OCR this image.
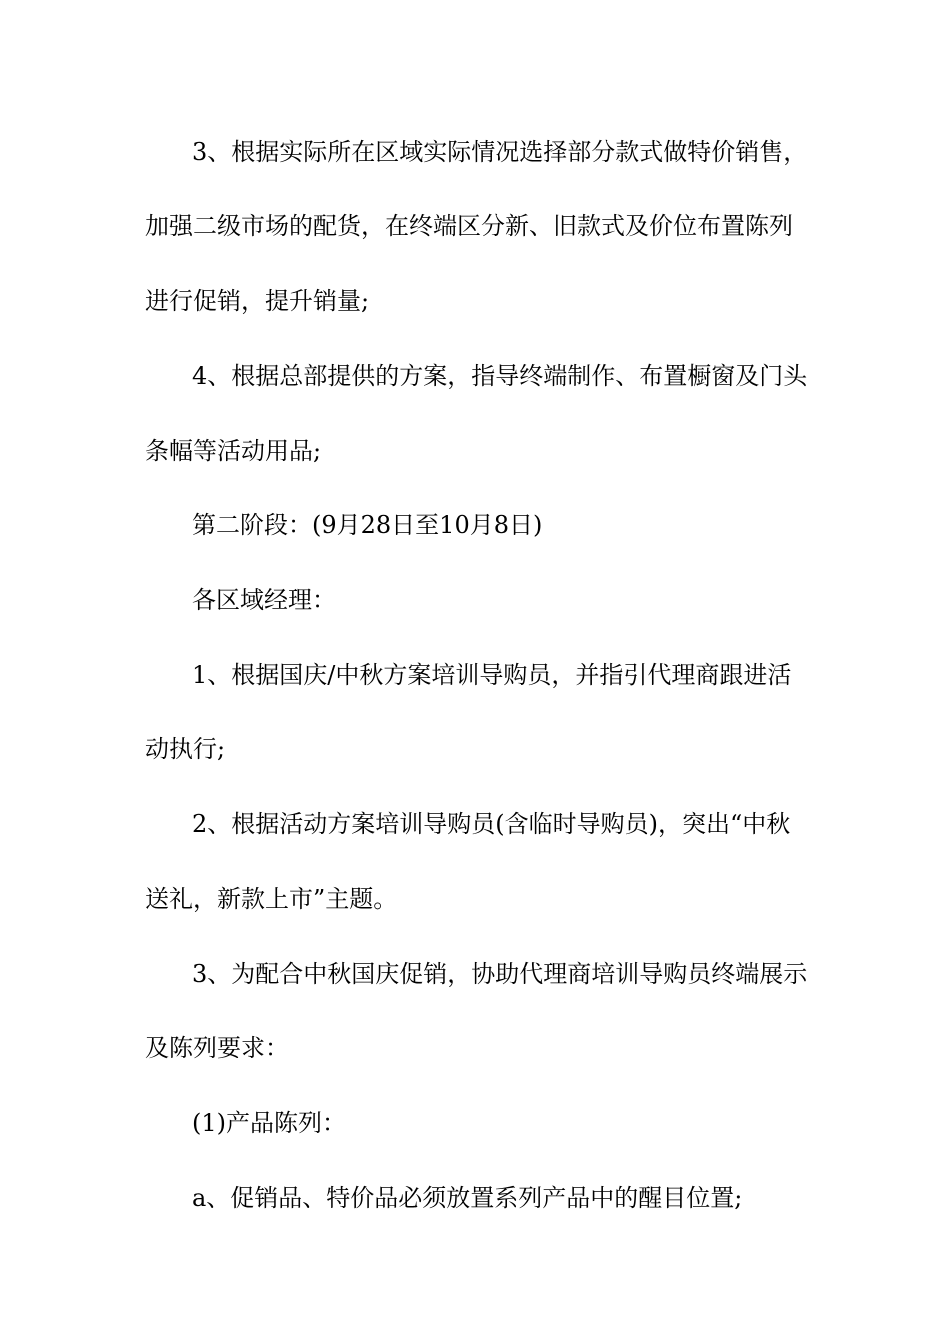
3、根据实际所在区域实际情况选择部分款式做特价销售，
加强二级市场的配货，在终端区分新、旧款式及价位布置陈列
进行促销，提升销量;
4、根据总部提供的方案，指导终端制作、布置橱窗及门头
条幅等活动用品;
第二阶段：(9月28日至10月8日)
各区域经理：
1、根据国庆/中秋方案培训导购员，并指引代理商跟进活
动执行;
2、根据活动方案培训导购员(含临时导购员)，突出“中秋
送礼，新款上市”主题。
3、为配合中秋国庆促销，协助代理商培训导购员终端展示
及陈列要求：
(1)产品陈列：
a、促销品、特价品必须放置系列产品中的醒目位置;
